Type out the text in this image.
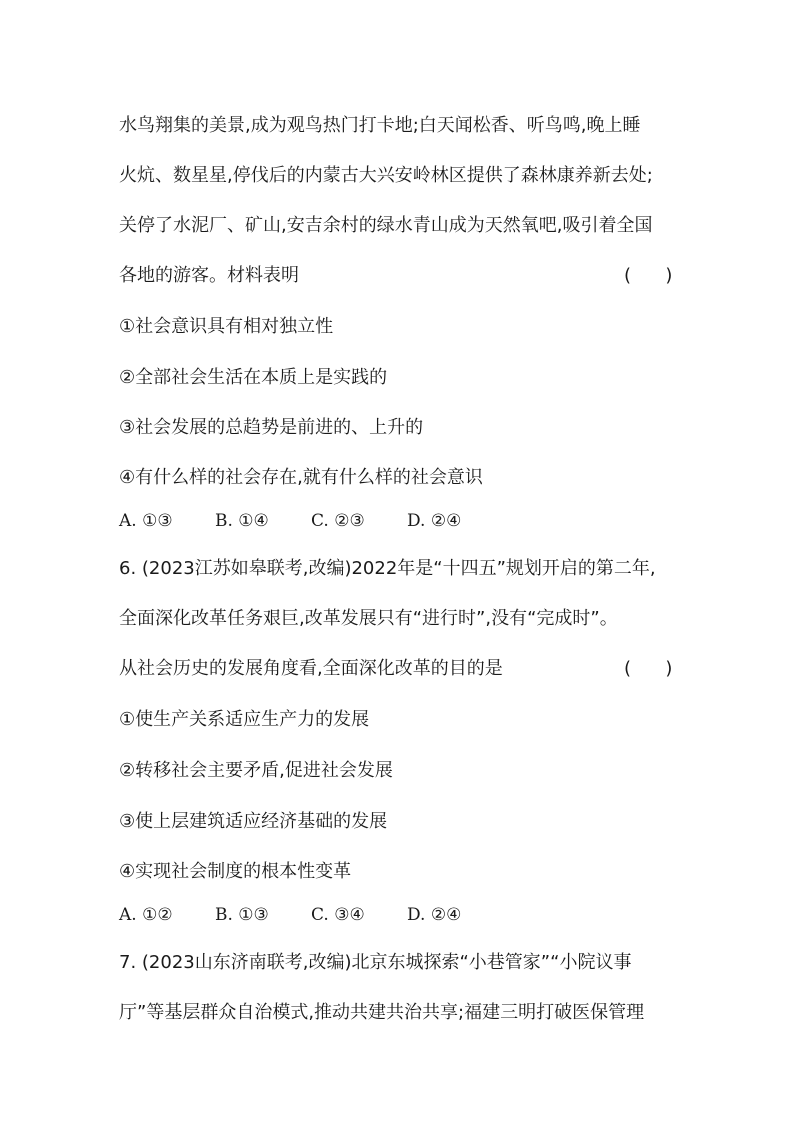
水鸟翔集的美景,成为观鸟热门打卡地;白天闻松香、听鸟鸣,晚上睡
火炕、数星星,停伐后的内蒙古大兴安岭林区提供了森林康养新去处;
关停了水泥厂、矿山,安吉余村的绿水青山成为天然氧吧,吸引着全国
各地的游客。材料表明	(      )
①社会意识具有相对独立性
②全部社会生活在本质上是实践的
③社会发展的总趋势是前进的、上升的
④有什么样的社会存在,就有什么样的社会意识
A. ①③ B. ①④ C. ②③ D. ②④
6. (2023江苏如皋联考,改编)2022年是“十四五”规划开启的第二年,
全面深化改革任务艰巨,改革发展只有“进行时”,没有“完成时”。
从社会历史的发展角度看,全面深化改革的目的是	(      )
①使生产关系适应生产力的发展
②转移社会主要矛盾,促进社会发展
③使上层建筑适应经济基础的发展
④实现社会制度的根本性变革
A. ①② B. ①③ C. ③④ D. ②④
7. (2023山东济南联考,改编)北京东城探索“小巷管家”“小院议事
厅”等基层群众自治模式,推动共建共治共享;福建三明打破医保管理
